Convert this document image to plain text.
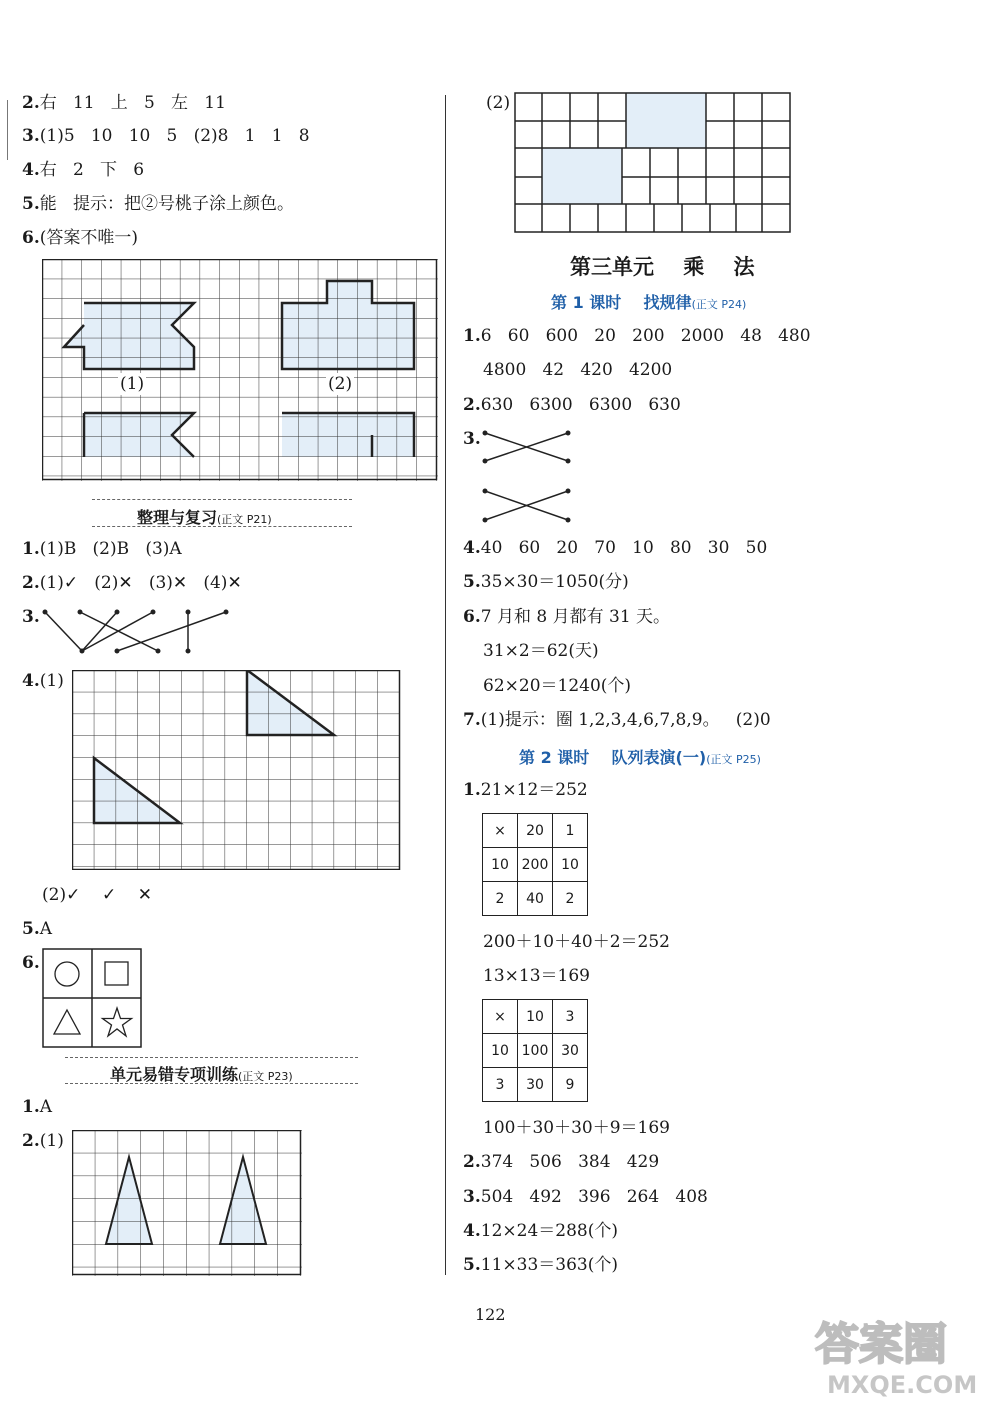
2.右   11   上   5   左   11
3.(1)5   10   10   5   (2)8   1   1   8
4.右   2   下   6
5.能   提示：把②号桃子涂上颜色。
6.(答案不唯一)
(1)	(2)
整理与复习(正文 P21)
1.(1)B   (2)B   (3)A
2.(1)✓   (2)✕   (3)✕   (4)✕
3.
4.(1)
(2)✓    ✓    ✕
5.A
6.
单元易错专项训练(正文 P23)
1.A
2.(1)
(2)
第三单元    乘    法
第 1 课时    找规律(正文 P24)
1.6   60   600   20   200   2000   48   480
4800   42   420   4200
2.630   6300   6300   630
3.
4.40   60   20   70   10   80   30   50
5.35×30＝1050(分)
6.7 月和 8 月都有 31 天。
31×2＝62(天)
62×20＝1240(个)
7.(1)提示：圈 1,2,3,4,6,7,8,9。   (2)0
第 2 课时    队列表演(一)(正文 P25)
1.21×12＝252
×	20	1
10	200	10
2	40	2
200＋10＋40＋2＝252
13×13＝169
×	10	3
10	100	30
3	30	9
100＋30＋30＋9＝169
2.374   506   384   429
3.504   492   396   264   408
4.12×24＝288(个)
5.11×33＝363(个)
122
答案圈
MXQE.COM
